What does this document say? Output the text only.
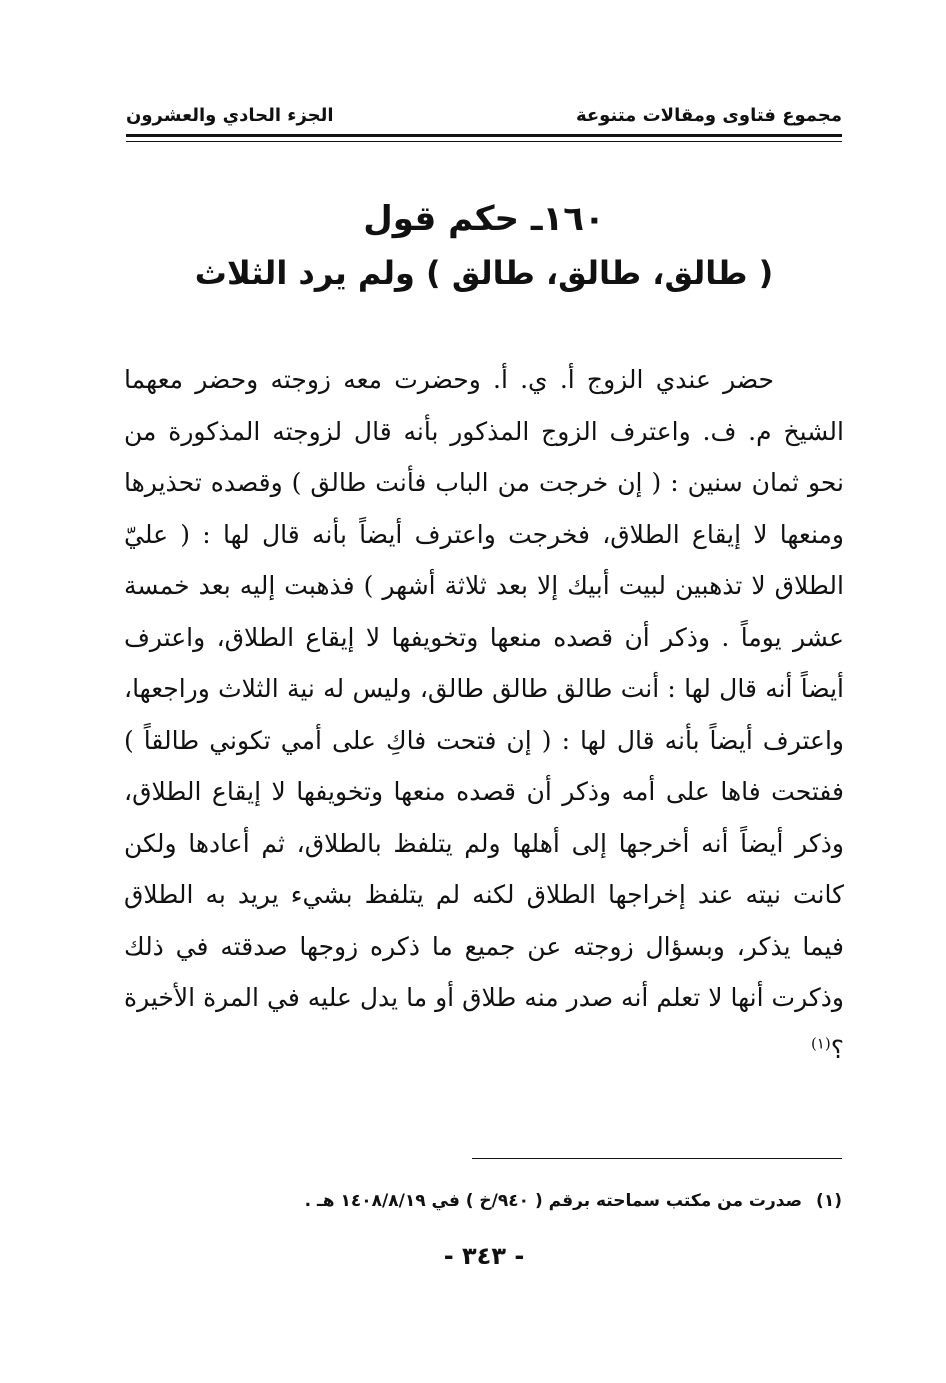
مجموع فتاوى ومقالات متنوعة
الجزء الحادي والعشرون
١٦٠ـ حكم قول
( طالق، طالق، طالق ) ولم يرد الثلاث

حضر عندي الزوج أ. ي. أ. وحضرت معه زوجته وحضر معهما الشيخ م. ف. واعترف الزوج المذكور بأنه قال لزوجته المذكورة من نحو ثمان سنين : ( إن خرجت من الباب فأنت طالق ) وقصده تحذيرها ومنعها لا إيقاع الطلاق، فخرجت واعترف أيضاً بأنه قال لها : ( عليّ الطلاق لا تذهبين لبيت أبيك إلا بعد ثلاثة أشهر ) فذهبت إليه بعد خمسة عشر يوماً . وذكر أن قصده منعها وتخويفها لا إيقاع الطلاق، واعترف أيضاً أنه قال لها : أنت طالق طالق طالق، وليس له نية الثلاث وراجعها، واعترف أيضاً بأنه قال لها : ( إن فتحت فاكِ على أمي تكوني طالقاً ) ففتحت فاها على أمه وذكر أن قصده منعها وتخويفها لا إيقاع الطلاق، وذكر أيضاً أنه أخرجها إلى أهلها ولم يتلفظ بالطلاق، ثم أعادها ولكن كانت نيته عند إخراجها الطلاق لكنه لم يتلفظ بشيء يريد به الطلاق فيما يذكر، وبسؤال زوجته عن جميع ما ذكره زوجها صدقته في ذلك وذكرت أنها لا تعلم أنه صدر منه طلاق أو ما يدل عليه في المرة الأخيرة ؟$^{(١)}$

(١)صدرت من مكتب سماحته برقم ( ٩٤٠/خ ) في ١٤٠٨/٨/١٩ هـ .
- ٣٤٣ -
